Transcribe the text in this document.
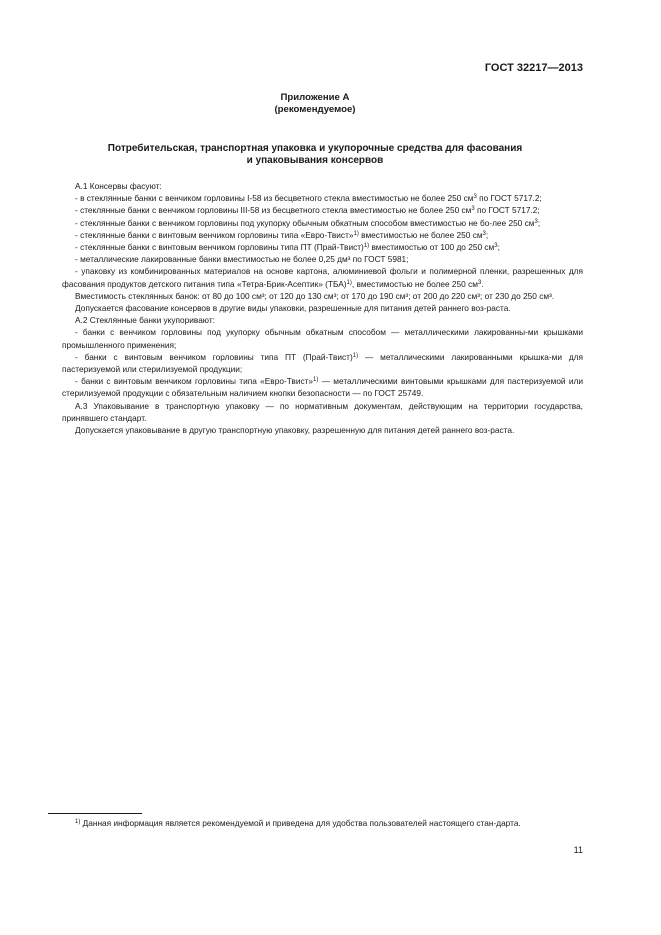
ГОСТ 32217—2013
Приложение А
(рекомендуемое)
Потребительская, транспортная упаковка и укупорочные средства для фасования
и упаковывания консервов

А.1 Консервы фасуют:

- в стеклянные банки с венчиком горловины I-58 из бесцветного стекла вместимостью не более 250 $см^3$ по ГОСТ 5717.2;

- стеклянные банки с венчиком горловины III-58 из бесцветного стекла вместимостью не более 250 $см^3$ по ГОСТ 5717.2;

- стеклянные банки с венчиком горловины под укупорку обычным обкатным способом вместимостью не бо-лее 250 $см^3$;

- стеклянные банки с винтовым венчиком горловины типа «Евро-Твист»$^{1)}$ вместимостью не более 250 $см^3$;

- стеклянные банки с винтовым венчиком горловины типа ПТ (Прай-Твист)$^{1)}$ вместимостью от 100 до 250 $см^3$;

- металлические лакированные банки вместимостью не более 0,25 дм³ по ГОСТ 5981;

- упаковку из комбинированных материалов на основе картона, алюминиевой фольги и полимерной пленки, разрешенных для фасования продуктов детского питания типа «Тетра-Брик-Асептик» (ТБА)$^{1)}$, вместимостью не более 250 $см^3$.

Вместимость стеклянных банок: от 80 до 100 см³; от 120 до 130 см³; от 170 до 190 см³; от 200 до 220 см³; от 230 до 250 см³.

Допускается фасование консервов в другие виды упаковки, разрешенные для питания детей раннего воз-раста.

А.2 Стеклянные банки укупоривают:

- банки с венчиком горловины под укупорку обычным обкатным способом — металлическими лакированны-ми крышками промышленного применения;

- банки с винтовым венчиком горловины типа ПТ (Прай-Твист)$^{1)}$ — металлическими лакированными крышка-ми для пастеризуемой или стерилизуемой продукции;

- банки с винтовым венчиком горловины типа «Евро-Твист»$^{1)}$ — металлическими винтовыми крышками для пастеризуемой или стерилизуемой продукции с обязательным наличием кнопки безопасности — по ГОСТ 25749.

А.3 Упаковывание в транспортную упаковку — по нормативным документам, действующим на территории государства, принявшего стандарт.

Допускается упаковывание в другую транспортную упаковку, разрешенную для питания детей раннего воз-раста.

$^{1)}$ Данная информация является рекомендуемой и приведена для удобства пользователей настоящего стан-дарта.
11
